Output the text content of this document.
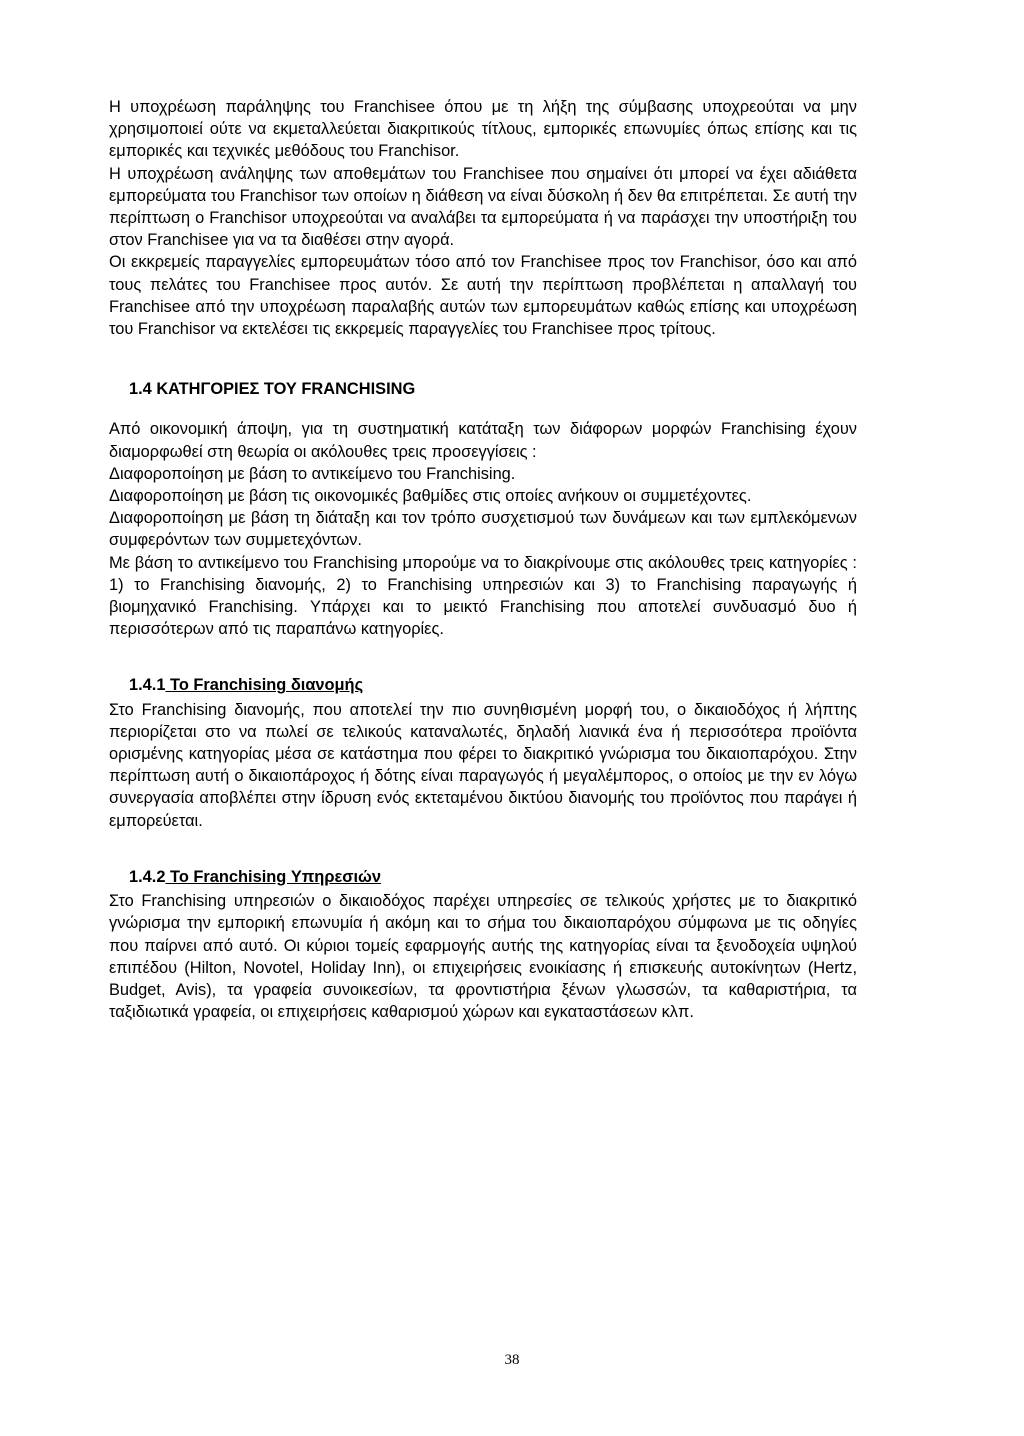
Η υποχρέωση παράληψης του Franchisee όπου με τη λήξη της σύμβασης υποχρεούται να μην χρησιμοποιεί ούτε να εκμεταλλεύεται διακριτικούς τίτλους, εμπορικές επωνυμίες όπως επίσης και τις εμπορικές και τεχνικές μεθόδους του Franchisor.

Η υποχρέωση ανάληψης των αποθεμάτων του Franchisee που σημαίνει ότι μπορεί να έχει αδιάθετα εμπορεύματα του Franchisor των οποίων η διάθεση να είναι δύσκολη ή δεν θα επιτρέπεται. Σε αυτή την περίπτωση ο Franchisor υποχρεούται να αναλάβει τα εμπορεύματα ή να παράσχει την υποστήριξη του στον Franchisee για να τα διαθέσει στην αγορά.

Οι εκκρεμείς παραγγελίες εμπορευμάτων τόσο από τον Franchisee προς τον Franchisor, όσο και από τους πελάτες του Franchisee προς αυτόν. Σε αυτή την περίπτωση προβλέπεται η απαλλαγή του Franchisee από την υποχρέωση παραλαβής αυτών των εμπορευμάτων καθώς επίσης και υποχρέωση του Franchisor να εκτελέσει τις εκκρεμείς παραγγελίες του Franchisee προς τρίτους.

1.4 ΚΑΤΗΓΟΡΙΕΣ ΤΟΥ FRANCHISING

Από οικονομική άποψη, για τη συστηματική κατάταξη των διάφορων μορφών Franchising έχουν διαμορφωθεί στη θεωρία οι ακόλουθες τρεις προσεγγίσεις :

Διαφοροποίηση με βάση το αντικείμενο του Franchising.

Διαφοροποίηση με βάση τις οικονομικές βαθμίδες στις οποίες ανήκουν οι συμμετέχοντες.

Διαφοροποίηση με βάση τη διάταξη και τον τρόπο συσχετισμού των δυνάμεων και των εμπλεκόμενων συμφερόντων των συμμετεχόντων.

Με βάση το αντικείμενο του Franchising μπορούμε να το διακρίνουμε στις ακόλουθες τρεις κατηγορίες : 1) το Franchising διανομής, 2) το Franchising υπηρεσιών και 3) το Franchising παραγωγής ή βιομηχανικό Franchising. Υπάρχει και το μεικτό Franchising που αποτελεί συνδυασμό δυο ή περισσότερων από τις παραπάνω κατηγορίες.

1.4.1 Το Franchising διανομής

Στο Franchising διανομής, που αποτελεί την πιο συνηθισμένη μορφή του, ο δικαιοδόχος ή λήπτης περιορίζεται στο να πωλεί σε τελικούς καταναλωτές, δηλαδή λιανικά ένα ή περισσότερα προϊόντα ορισμένης κατηγορίας μέσα σε κατάστημα που φέρει το διακριτικό γνώρισμα του δικαιοπαρόχου. Στην περίπτωση αυτή ο δικαιοπάροχος ή δότης είναι παραγωγός ή μεγαλέμπορος, ο οποίος με την εν λόγω συνεργασία αποβλέπει στην ίδρυση ενός εκτεταμένου δικτύου διανομής του προϊόντος που παράγει ή εμπορεύεται.

1.4.2 Το Franchising Υπηρεσιών

Στο Franchising υπηρεσιών ο δικαιοδόχος παρέχει υπηρεσίες σε τελικούς χρήστες με το διακριτικό γνώρισμα την εμπορική επωνυμία ή ακόμη και το σήμα του δικαιοπαρόχου σύμφωνα με τις οδηγίες που παίρνει από αυτό. Οι κύριοι τομείς εφαρμογής αυτής της κατηγορίας είναι τα ξενοδοχεία υψηλού επιπέδου (Hilton, Novotel, Holiday Inn), οι επιχειρήσεις ενοικίασης ή επισκευής αυτοκίνητων (Hertz, Budget, Avis), τα γραφεία συνοικεσίων, τα φροντιστήρια ξένων γλωσσών, τα καθαριστήρια, τα ταξιδιωτικά γραφεία, οι επιχειρήσεις καθαρισμού χώρων και εγκαταστάσεων κλπ.

38
